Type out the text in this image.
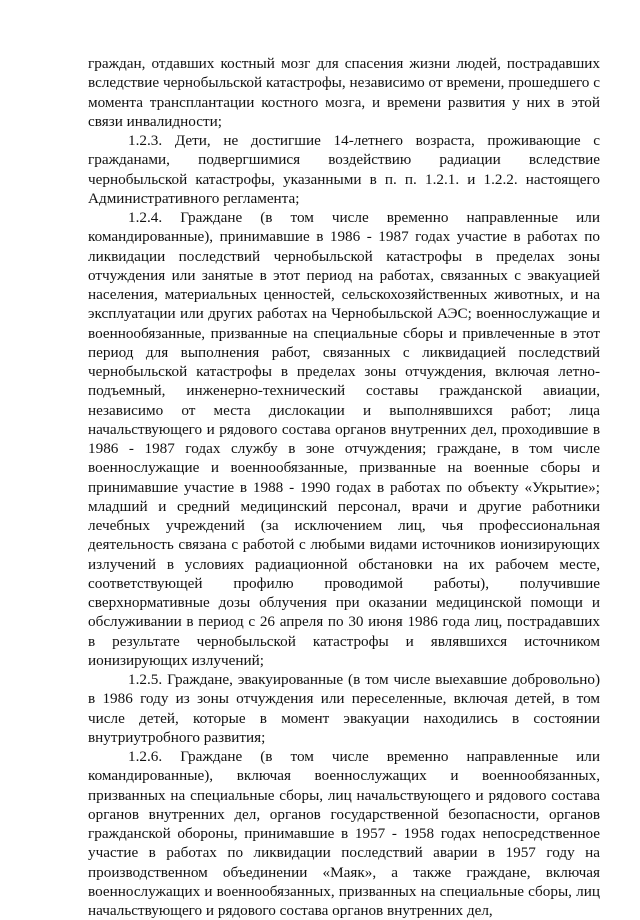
граждан, отдавших костный мозг для спасения жизни людей, пострадавших вследствие чернобыльской катастрофы, независимо от времени, прошедшего с момента трансплантации костного мозга, и времени развития у них в этой связи инвалидности;

1.2.3. Дети, не достигшие 14-летнего возраста, проживающие с гражданами, подвергшимися воздействию радиации вследствие чернобыльской катастрофы, указанными в п. п. 1.2.1. и 1.2.2. настоящего Административного регламента;

1.2.4. Граждане (в том числе временно направленные или командированные), принимавшие в 1986 - 1987 годах участие в работах по ликвидации последствий чернобыльской катастрофы в пределах зоны отчуждения или занятые в этот период на работах, связанных с эвакуацией населения, материальных ценностей, сельскохозяйственных животных, и на эксплуатации или других работах на Чернобыльской АЭС; военнослужащие и военнообязанные, призванные на специальные сборы и привлеченные в этот период для выполнения работ, связанных с ликвидацией последствий чернобыльской катастрофы в пределах зоны отчуждения, включая летно-подъемный, инженерно-технический составы гражданской авиации, независимо от места дислокации и выполнявшихся работ; лица начальствующего и рядового состава органов внутренних дел, проходившие в 1986 - 1987 годах службу в зоне отчуждения; граждане, в том числе военнослужащие и военнообязанные, призванные на военные сборы и принимавшие участие в 1988 - 1990 годах в работах по объекту «Укрытие»; младший и средний медицинский персонал, врачи и другие работники лечебных учреждений (за исключением лиц, чья профессиональная деятельность связана с работой с любыми видами источников ионизирующих излучений в условиях радиационной обстановки на их рабочем месте, соответствующей профилю проводимой работы), получившие сверхнормативные дозы облучения при оказании медицинской помощи и обслуживании в период с 26 апреля по 30 июня 1986 года лиц, пострадавших в результате чернобыльской катастрофы и являвшихся источником ионизирующих излучений;

1.2.5. Граждане, эвакуированные (в том числе выехавшие добровольно) в 1986 году из зоны отчуждения или переселенные, включая детей, в том числе детей, которые в момент эвакуации находились в состоянии внутриутробного развития;

1.2.6. Граждане (в том числе временно направленные или командированные), включая военнослужащих и военнообязанных, призванных на специальные сборы, лиц начальствующего и рядового состава органов внутренних дел, органов государственной безопасности, органов гражданской обороны, принимавшие в 1957 - 1958 годах непосредственное участие в работах по ликвидации последствий аварии в 1957 году на производственном объединении «Маяк», а также граждане, включая военнослужащих и военнообязанных, призванных на специальные сборы, лиц начальствующего и рядового состава органов внутренних дел,
